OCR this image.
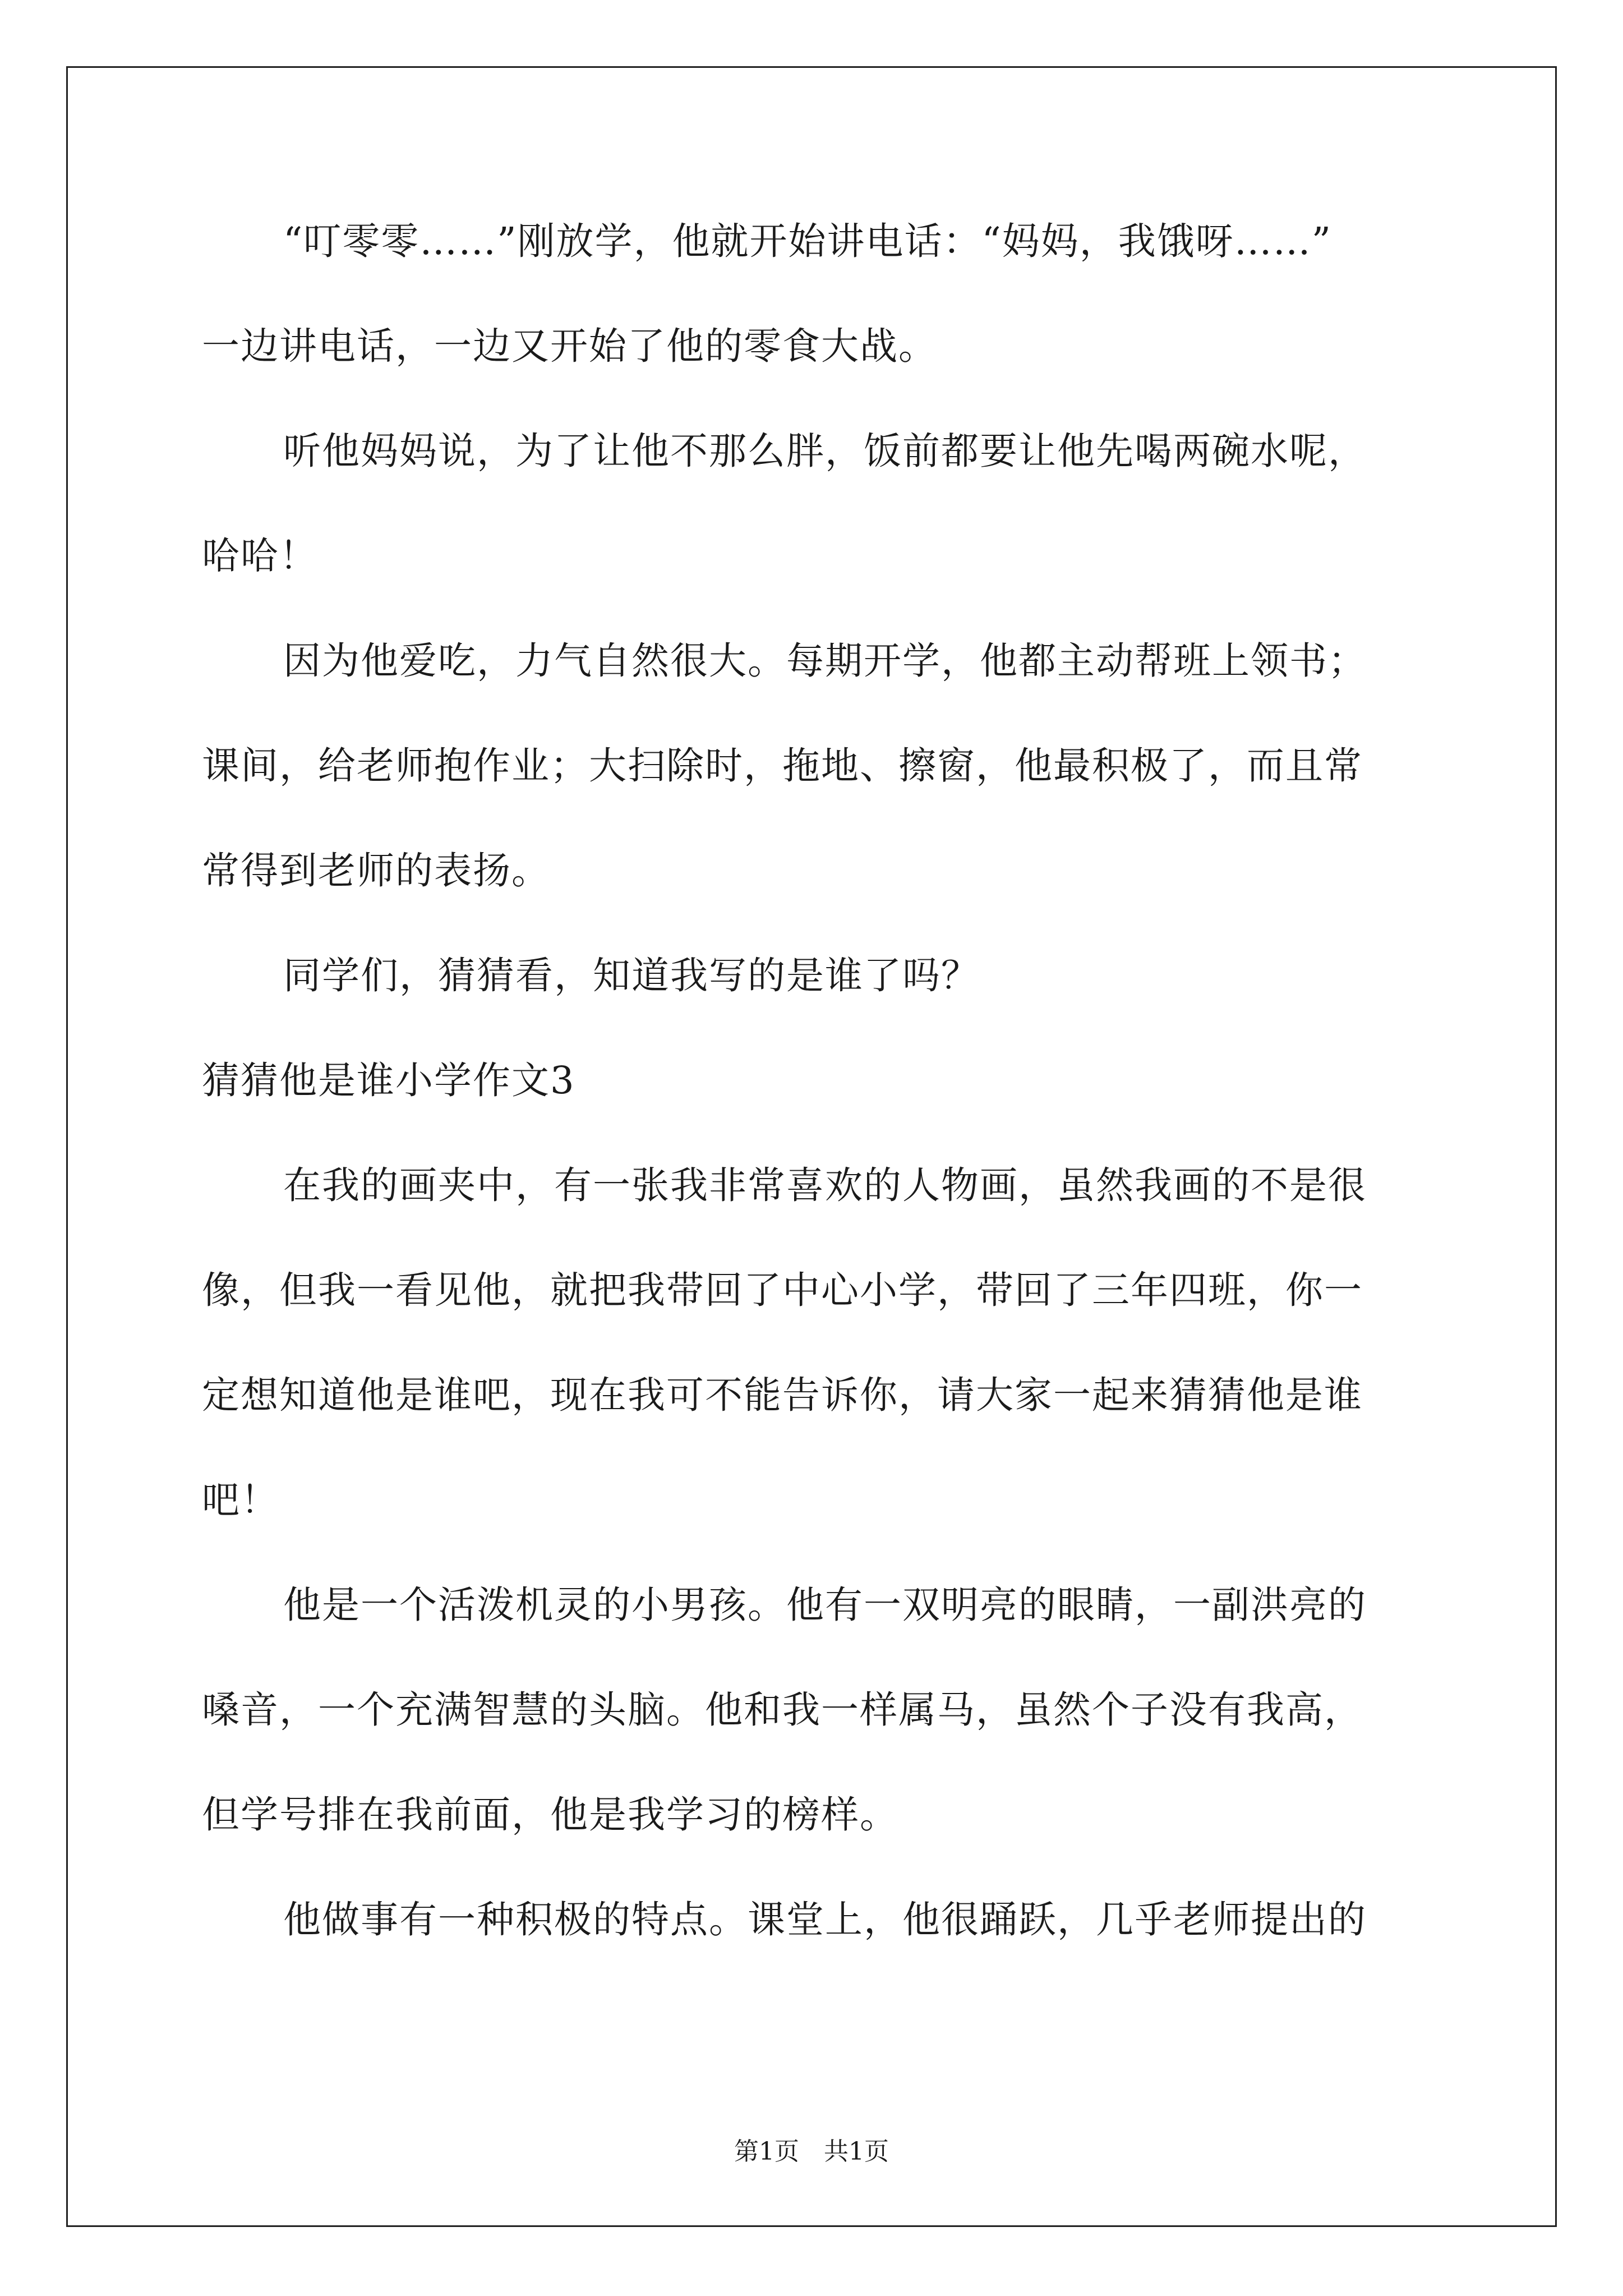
“叮零零……”刚放学，他就开始讲电话：“妈妈，我饿呀……”
一边讲电话，一边又开始了他的零食大战。
听他妈妈说，为了让他不那么胖，饭前都要让他先喝两碗水呢，
哈哈！
因为他爱吃，力气自然很大。每期开学，他都主动帮班上领书；
课间，给老师抱作业；大扫除时，拖地、擦窗，他最积极了，而且常
常得到老师的表扬。
同学们，猜猜看，知道我写的是谁了吗？
猜猜他是谁小学作文3
在我的画夹中，有一张我非常喜欢的人物画，虽然我画的不是很
像，但我一看见他，就把我带回了中心小学，带回了三年四班，你一
定想知道他是谁吧，现在我可不能告诉你，请大家一起来猜猜他是谁
吧！
他是一个活泼机灵的小男孩。他有一双明亮的眼睛，一副洪亮的
嗓音，一个充满智慧的头脑。他和我一样属马，虽然个子没有我高，
但学号排在我前面，他是我学习的榜样。
他做事有一种积极的特点。课堂上，他很踊跃，几乎老师提出的
第1页　共1页
